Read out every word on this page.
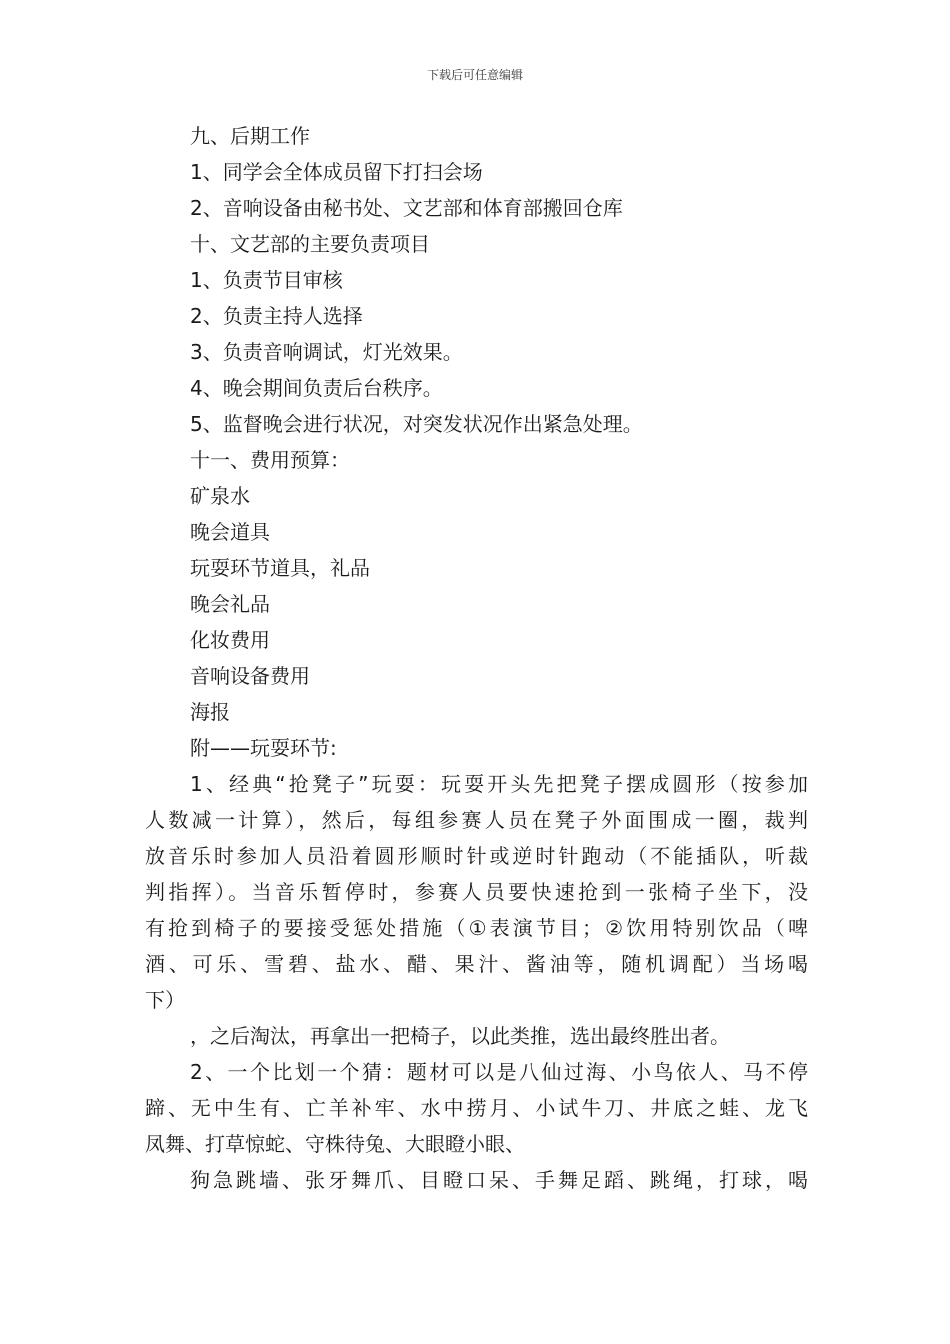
下载后可任意编辑
九、后期工作
1、同学会全体成员留下打扫会场
2、音响设备由秘书处、文艺部和体育部搬回仓库
十、文艺部的主要负责项目
1、负责节目审核
2、负责主持人选择
3、负责音响调试，灯光效果。
4、晚会期间负责后台秩序。
5、监督晚会进行状况，对突发状况作出紧急处理。
十一、费用预算：
矿泉水
晚会道具
玩耍环节道具，礼品
晚会礼品
化妆费用
音响设备费用
海报
附——玩耍环节:
1、经典“抢凳子”玩耍：玩耍开头先把凳子摆成圆形（按参加
人数减一计算），然后，每组参赛人员在凳子外面围成一圈，裁判
放音乐时参加人员沿着圆形顺时针或逆时针跑动（不能插队，听裁
判指挥）。当音乐暂停时，参赛人员要快速抢到一张椅子坐下，没
有抢到椅子的要接受惩处措施（①表演节目；②饮用特别饮品（啤
酒、可乐、雪碧、盐水、醋、果汁、酱油等，随机调配）当场喝
下）
，之后淘汰，再拿出一把椅子，以此类推，选出最终胜出者。
2、一个比划一个猜：题材可以是八仙过海、小鸟依人、马不停
蹄、无中生有、亡羊补牢、水中捞月、小试牛刀、井底之蛙、龙飞
凤舞、打草惊蛇、守株待兔、大眼瞪小眼、
狗急跳墙、张牙舞爪、目瞪口呆、手舞足蹈、跳绳，打球，喝
